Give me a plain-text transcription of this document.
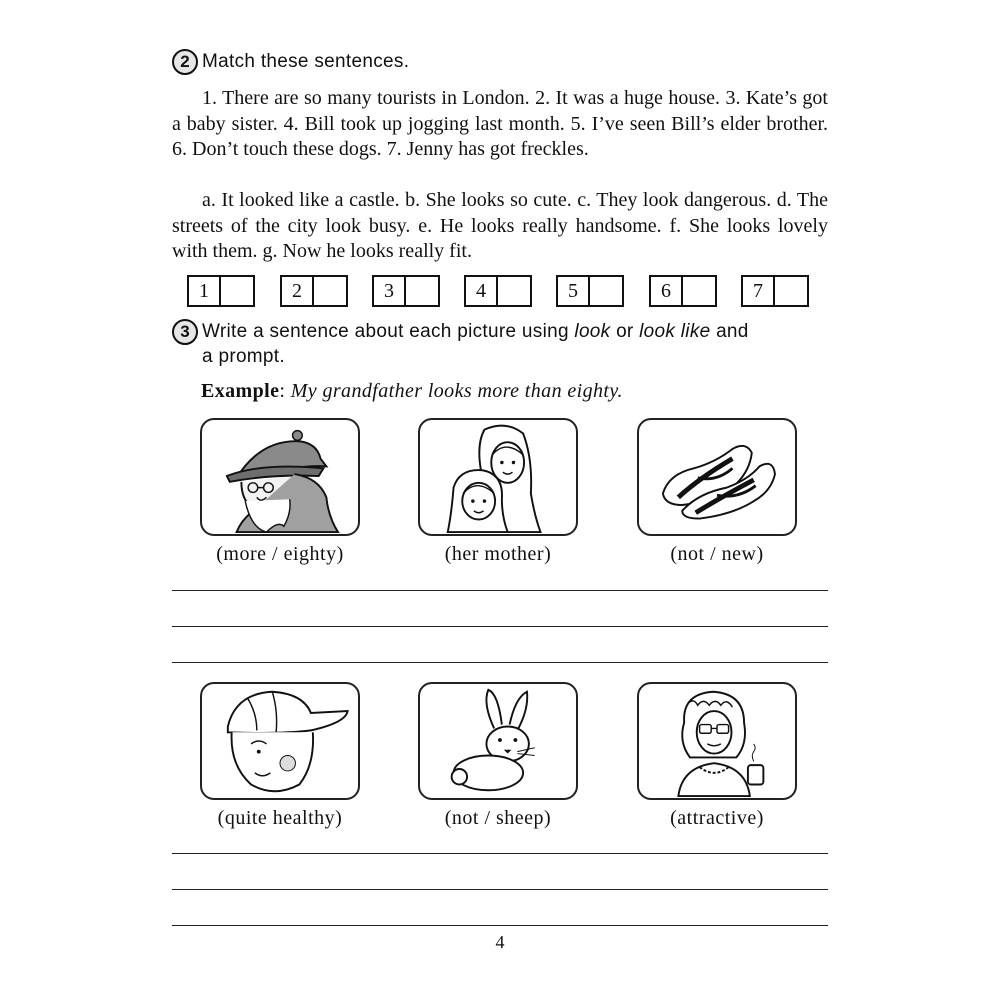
2 Match these sentences.
1. There are so many tourists in London. 2. It was a huge house. 3. Kate’s got a baby sister. 4. Bill took up jogging last month. 5. I’ve seen Bill’s elder brother. 6. Don’t touch these dogs. 7. Jenny has got freckles.
a. It looked like a castle. b. She looks so cute. c. They look dangerous. d. The streets of the city look busy. e. He looks really handsome. f. She looks lovely with them. g. Now he looks really fit.
1	2	3	4	5	6	7
3 Write a sentence about each picture using look or look like and
a prompt.
Example: My grandfather looks more than eighty.
(more / eighty)	(her mother)	(not / new)
(quite healthy)	(not / sheep)	(attractive)
4
